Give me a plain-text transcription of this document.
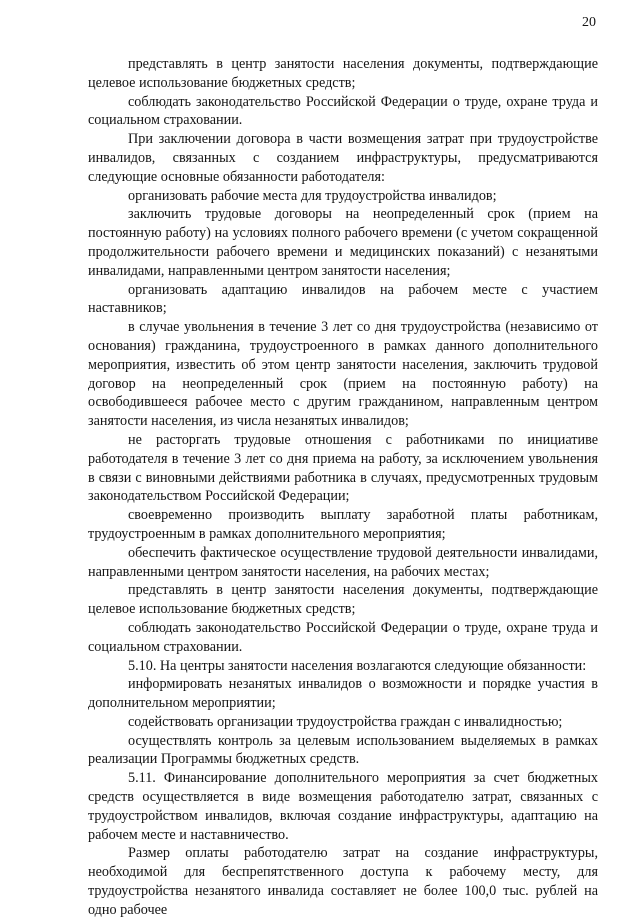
20

представлять в центр занятости населения документы, подтверждающие целевое использование бюджетных средств;

соблюдать законодательство Российской Федерации о труде, охране труда и социальном страховании.

При заключении договора в части возмещения затрат при трудоустройстве инвалидов, связанных с созданием инфраструктуры, предусматриваются следующие основные обязанности работодателя:

организовать рабочие места для трудоустройства инвалидов;

заключить трудовые договоры на неопределенный срок (прием на постоянную работу) на условиях полного рабочего времени (с учетом сокращенной продолжительности рабочего времени и медицинских показаний) с незанятыми инвалидами, направленными центром занятости населения;

организовать адаптацию инвалидов на рабочем месте с участием наставников;

в случае увольнения в течение 3 лет со дня трудоустройства (независимо от основания) гражданина, трудоустроенного в рамках данного дополнительного мероприятия, известить об этом центр занятости населения, заключить трудовой договор на неопределенный срок (прием на постоянную работу) на освободившееся рабочее место с другим гражданином, направленным центром занятости населения, из числа незанятых инвалидов;

не расторгать трудовые отношения с работниками по инициативе работодателя в течение 3 лет со дня приема на работу, за исключением увольнения в связи с виновными действиями работника в случаях, предусмотренных трудовым законодательством Российской Федерации;

своевременно производить выплату заработной платы работникам, трудоустроенным в рамках дополнительного мероприятия;

обеспечить фактическое осуществление трудовой деятельности инвалидами, направленными центром занятости населения, на рабочих местах;

представлять в центр занятости населения документы, подтверждающие целевое использование бюджетных средств;

соблюдать законодательство Российской Федерации о труде, охране труда и социальном страховании.

5.10. На центры занятости населения возлагаются следующие обязанности:

информировать незанятых инвалидов о возможности и порядке участия в дополнительном мероприятии;

содействовать организации трудоустройства граждан с инвалидностью;

осуществлять контроль за целевым использованием выделяемых в рамках реализации Программы бюджетных средств.

5.11. Финансирование дополнительного мероприятия за счет бюджетных средств осуществляется в виде возмещения работодателю затрат, связанных с трудоустройством инвалидов, включая создание инфраструктуры, адаптацию на рабочем месте и наставничество.

Размер оплаты работодателю затрат на создание инфраструктуры, необходимой для беспрепятственного доступа к рабочему месту, для трудоустройства незанятого инвалида составляет не более 100,0 тыс. рублей на одно рабочее
